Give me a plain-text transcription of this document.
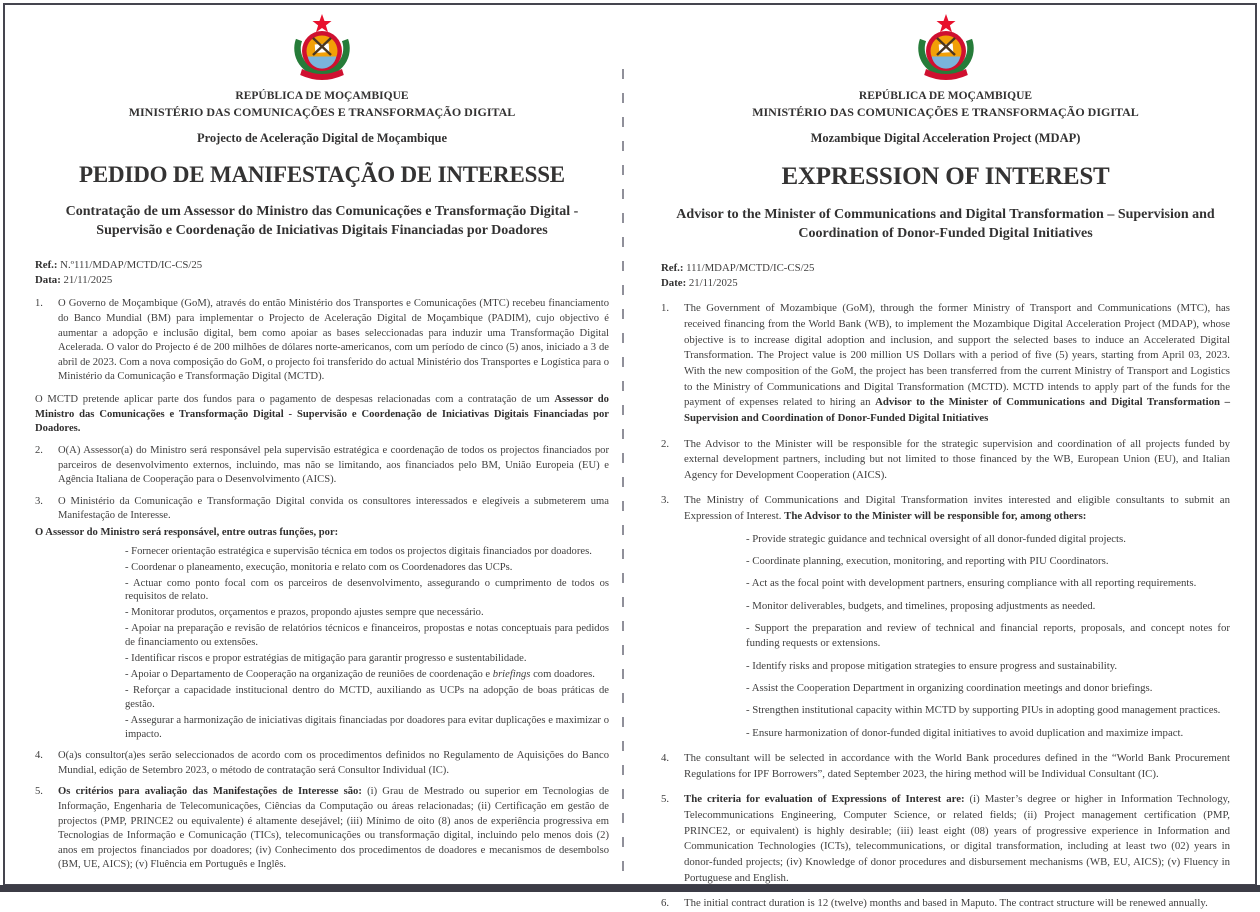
REPÚBLICA DE MOÇAMBIQUE
MINISTÉRIO DAS COMUNICAÇÕES E TRANSFORMAÇÃO DIGITAL
Projecto de Aceleração Digital de Moçambique
PEDIDO DE MANIFESTAÇÃO DE INTERESSE
Contratação de um Assessor do Ministro das Comunicações e Transformação Digital - Supervisão e Coordenação de Iniciativas Digitais Financiadas por Doadores
Ref.: N.º111/MDAP/MCTD/IC-CS/25
Data: 21/11/2025
1.	O Governo de Moçambique (GoM), através do então Ministério dos Transportes e Comunicações (MTC) recebeu financiamento do Banco Mundial (BM) para implementar o Projecto de Aceleração Digital de Moçambique (PADIM), cujo objectivo é aumentar a adopção e inclusão digital, bem como apoiar as bases seleccionadas para induzir uma Transformação Digital Acelerada. O valor do Projecto é de 200 milhões de dólares norte-americanos, com um período de cinco (5) anos, iniciado a 3 de abril de 2023. Com a nova composição do GoM, o projecto foi transferido do actual Ministério dos Transportes e Logística para o Ministério da Comunicação e Transformação Digital (MCTD).
O MCTD pretende aplicar parte dos fundos para o pagamento de despesas relacionadas com a contratação de um Assessor do Ministro das Comunicações e Transformação Digital - Supervisão e Coordenação de Iniciativas Digitais Financiadas por Doadores.
2.	O(A) Assessor(a) do Ministro será responsável pela supervisão estratégica e coordenação de todos os projectos financiados por parceiros de desenvolvimento externos, incluindo, mas não se limitando, aos financiados pelo BM, União Europeia (EU) e Agência Italiana de Cooperação para o Desenvolvimento (AICS).
3.	O Ministério da Comunicação e Transformação Digital convida os consultores interessados e elegíveis a submeterem uma Manifestação de Interesse.
O Assessor do Ministro será responsável, entre outras funções, por:
- Fornecer orientação estratégica e supervisão técnica em todos os projectos digitais financiados por doadores.
- Coordenar o planeamento, execução, monitoria e relato com os Coordenadores das UCPs.
- Actuar como ponto focal com os parceiros de desenvolvimento, assegurando o cumprimento de todos os requisitos de relato.
- Monitorar produtos, orçamentos e prazos, propondo ajustes sempre que necessário.
- Apoiar na preparação e revisão de relatórios técnicos e financeiros, propostas e notas conceptuais para pedidos de financiamento ou extensões.
- Identificar riscos e propor estratégias de mitigação para garantir progresso e sustentabilidade.
- Apoiar o Departamento de Cooperação na organização de reuniões de coordenação e briefings com doadores.
- Reforçar a capacidade institucional dentro do MCTD, auxiliando as UCPs na adopção de boas práticas de gestão.
- Assegurar a harmonização de iniciativas digitais financiadas por doadores para evitar duplicações e maximizar o impacto.
4.	O(a)s consultor(a)es serão seleccionados de acordo com os procedimentos definidos no Regulamento de Aquisições do Banco Mundial, edição de Setembro 2023, o método de contratação será Consultor Individual (IC).
5.	Os critérios para avaliação das Manifestações de Interesse são: (i) Grau de Mestrado ou superior em Tecnologias de Informação, Engenharia de Telecomunicações, Ciências da Computação ou áreas relacionadas; (ii) Certificação em gestão de projectos (PMP, PRINCE2 ou equivalente) é altamente desejável; (iii) Mínimo de oito (8) anos de experiência progressiva em Tecnologias de Informação e Comunicação (TICs), telecomunicações ou transformação digital, incluindo pelo menos dois (2) anos em projectos financiados por doadores; (iv) Conhecimento dos procedimentos de doadores e mecanismos de desembolso (BM, UE, AICS); (v) Fluência em Português e Inglês.
REPÚBLICA DE MOÇAMBIQUE
MINISTÉRIO DAS COMUNICAÇÕES E TRANSFORMAÇÃO DIGITAL
Mozambique Digital Acceleration Project (MDAP)
EXPRESSION OF INTEREST
Advisor to the Minister of Communications and Digital Transformation – Supervision and Coordination of Donor-Funded Digital Initiatives
Ref.: 111/MDAP/MCTD/IC-CS/25
Date: 21/11/2025
1.	The Government of Mozambique (GoM), through the former Ministry of Transport and Communications (MTC), has received financing from the World Bank (WB), to implement the Mozambique Digital Acceleration Project (MDAP), whose objective is to increase digital adoption and inclusion, and support the selected bases to induce an Accelerated Digital Transformation. The Project value is 200 million US Dollars with a period of five (5) years, starting from April 03, 2023. With the new composition of the GoM, the project has been transferred from the current Ministry of Transport and Logistics to the Ministry of Communications and Digital Transformation (MCTD). MCTD intends to apply part of the funds for the payment of expenses related to hiring an Advisor to the Minister of Communications and Digital Transformation – Supervision and Coordination of Donor-Funded Digital Initiatives
2.	The Advisor to the Minister will be responsible for the strategic supervision and coordination of all projects funded by external development partners, including but not limited to those financed by the WB, European Union (EU), and Italian Agency for Development Cooperation (AICS).
3.	The Ministry of Communications and Digital Transformation invites interested and eligible consultants to submit an Expression of Interest. The Advisor to the Minister will be responsible for, among others:
- Provide strategic guidance and technical oversight of all donor-funded digital projects.
- Coordinate planning, execution, monitoring, and reporting with PIU Coordinators.
- Act as the focal point with development partners, ensuring compliance with all reporting requirements.
- Monitor deliverables, budgets, and timelines, proposing adjustments as needed.
- Support the preparation and review of technical and financial reports, proposals, and concept notes for funding requests or extensions.
- Identify risks and propose mitigation strategies to ensure progress and sustainability.
- Assist the Cooperation Department in organizing coordination meetings and donor briefings.
- Strengthen institutional capacity within MCTD by supporting PIUs in adopting good management practices.
- Ensure harmonization of donor-funded digital initiatives to avoid duplication and maximize impact.
4.	The consultant will be selected in accordance with the World Bank procedures defined in the “World Bank Procurement Regulations for IPF Borrowers”, dated September 2023, the hiring method will be Individual Consultant (IC).
5.	The criteria for evaluation of Expressions of Interest are: (i) Master’s degree or higher in Information Technology, Telecommunications Engineering, Computer Science, or related fields; (ii) Project management certification (PMP, PRINCE2, or equivalent) is highly desirable; (iii) least eight (08) years of progressive experience in Information and Communication Technologies (ICTs), telecommunications, or digital transformation, including at least two (02) years in donor-funded projects; (iv) Knowledge of donor procedures and disbursement mechanisms (WB, EU, AICS); (v) Fluency in Portuguese and English.
6.	The initial contract duration is 12 (twelve) months and based in Maputo. The contract structure will be renewed annually.
